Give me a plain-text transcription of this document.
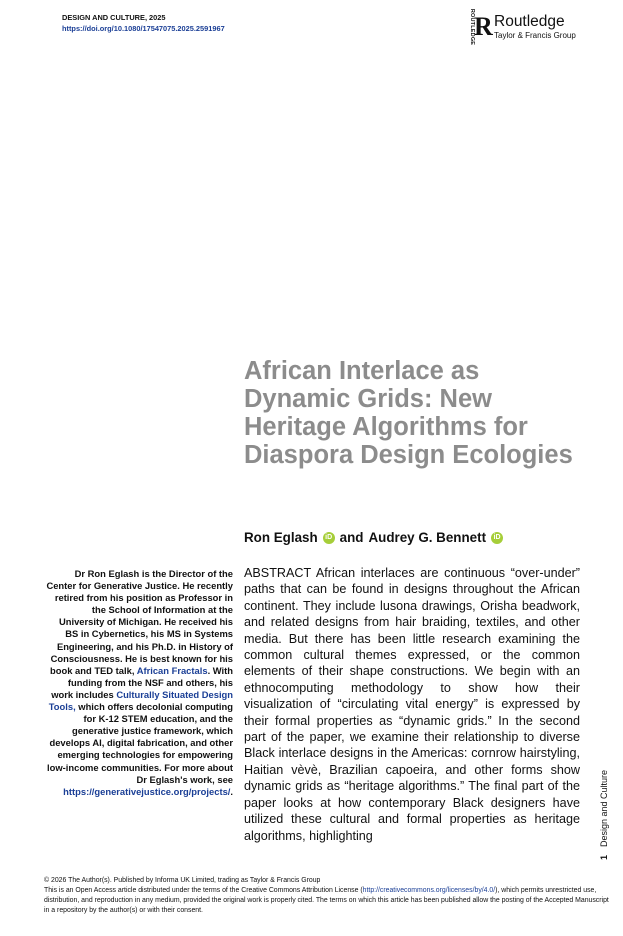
DESIGN AND CULTURE, 2025
https://doi.org/10.1080/17547075.2025.2591967	ROUTLEDGE
R Routledge
Taylor & Francis Group
African Interlace as Dynamic Grids: New Heritage Algorithms for Diaspora Design Ecologies
Ron Eglash	iD and Audrey G. Bennett	iD
Dr Ron Eglash is the Director of the Center for Generative Justice. He recently retired from his position as Professor in the School of Information at the University of Michigan. He received his BS in Cybernetics, his MS in Systems Engineering, and his Ph.D. in History of Consciousness. He is best known for his book and TED talk, African Fractals. With funding from the NSF and others, his work includes Culturally Situated Design Tools, which offers decolonial computing for K-12 STEM education, and the generative justice framework, which develops AI, digital fabrication, and other emerging technologies for empowering low-income communities. For more about Dr Eglash's work, see https://generativejustice.org/projects/.
ABSTRACT African interlaces are continuous “over-under” paths that can be found in designs throughout the African continent. They include lusona drawings, Orisha beadwork, and related designs from hair braiding, textiles, and other media. But there has been little research examining the common cultural themes expressed, or the common elements of their shape constructions. We begin with an ethnocomputing methodology to show how their visualization of “circulating vital energy” is expressed by their formal properties as “dynamic grids.” In the second part of the paper, we examine their relationship to diverse Black interlace designs in the Americas: cornrow hairstyling, Haitian vèvè, Brazilian capoeira, and other forms show dynamic grids as “heritage algorithms.” The final part of the paper looks at how contemporary Black designers have utilized these cultural and formal properties as heritage algorithms, highlighting
1Design and Culture
© 2026 The Author(s). Published by Informa UK Limited, trading as Taylor & Francis Group
This is an Open Access article distributed under the terms of the Creative Commons Attribution License (http://creativecommons.org/licenses/by/4.0/), which permits unrestricted use, distribution, and reproduction in any medium, provided the original work is properly cited. The terms on which this article has been published allow the posting of the Accepted Manuscript in a repository by the author(s) or with their consent.
